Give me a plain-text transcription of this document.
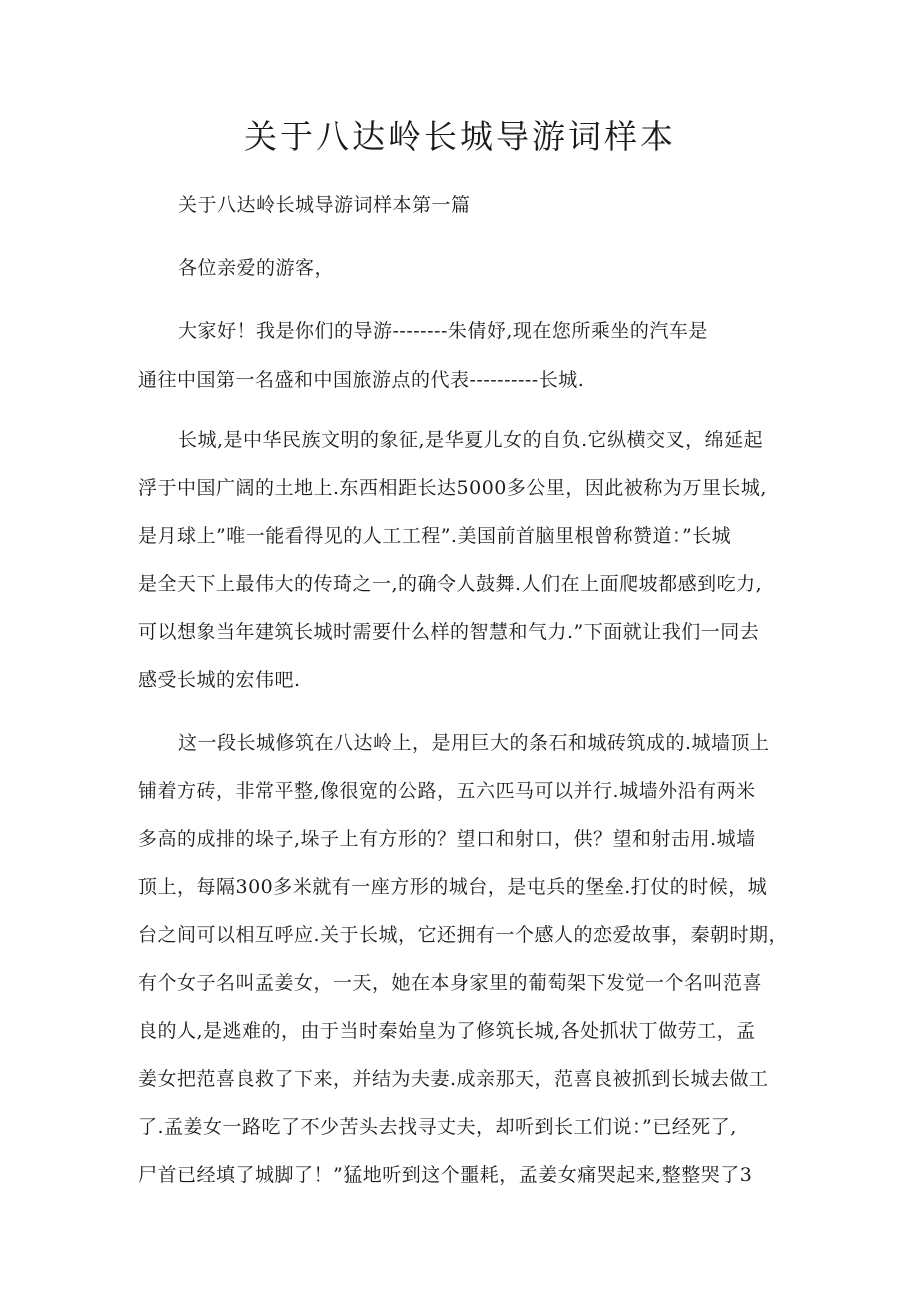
关于八达岭长城导游词样本
关于八达岭长城导游词样本第一篇
各位亲爱的游客，
大家好！我是你们的导游--------朱倩妤,现在您所乘坐的汽车是
通往中国第一名盛和中国旅游点的代表----------长城.
长城,是中华民族文明的象征,是华夏儿女的自负.它纵横交叉，绵延起
浮于中国广阔的土地上.东西相距长达5000多公里，因此被称为万里长城,
是月球上”唯一能看得见的人工工程”.美国前首脑里根曾称赞道：”长城
是全天下上最伟大的传琦之一,的确令人鼓舞.人们在上面爬坡都感到吃力,
可以想象当年建筑长城时需要什么样的智慧和气力.”下面就让我们一同去
感受长城的宏伟吧.
这一段长城修筑在八达岭上，是用巨大的条石和城砖筑成的.城墙顶上
铺着方砖，非常平整,像很宽的公路，五六匹马可以并行.城墙外沿有两米
多高的成排的垛子,垛子上有方形的？望口和射口，供？望和射击用.城墙
顶上，每隔300多米就有一座方形的城台，是屯兵的堡垒.打仗的时候，城
台之间可以相互呼应.关于长城，它还拥有一个感人的恋爱故事，秦朝时期，
有个女子名叫孟姜女，一天，她在本身家里的葡萄架下发觉一个名叫范喜
良的人,是逃难的，由于当时秦始皇为了修筑长城,各处抓状丁做劳工，孟
姜女把范喜良救了下来，并结为夫妻.成亲那天，范喜良被抓到长城去做工
了.孟姜女一路吃了不少苦头去找寻丈夫，却听到长工们说：”已经死了,
尸首已经填了城脚了！”猛地听到这个噩耗，孟姜女痛哭起来,整整哭了3
